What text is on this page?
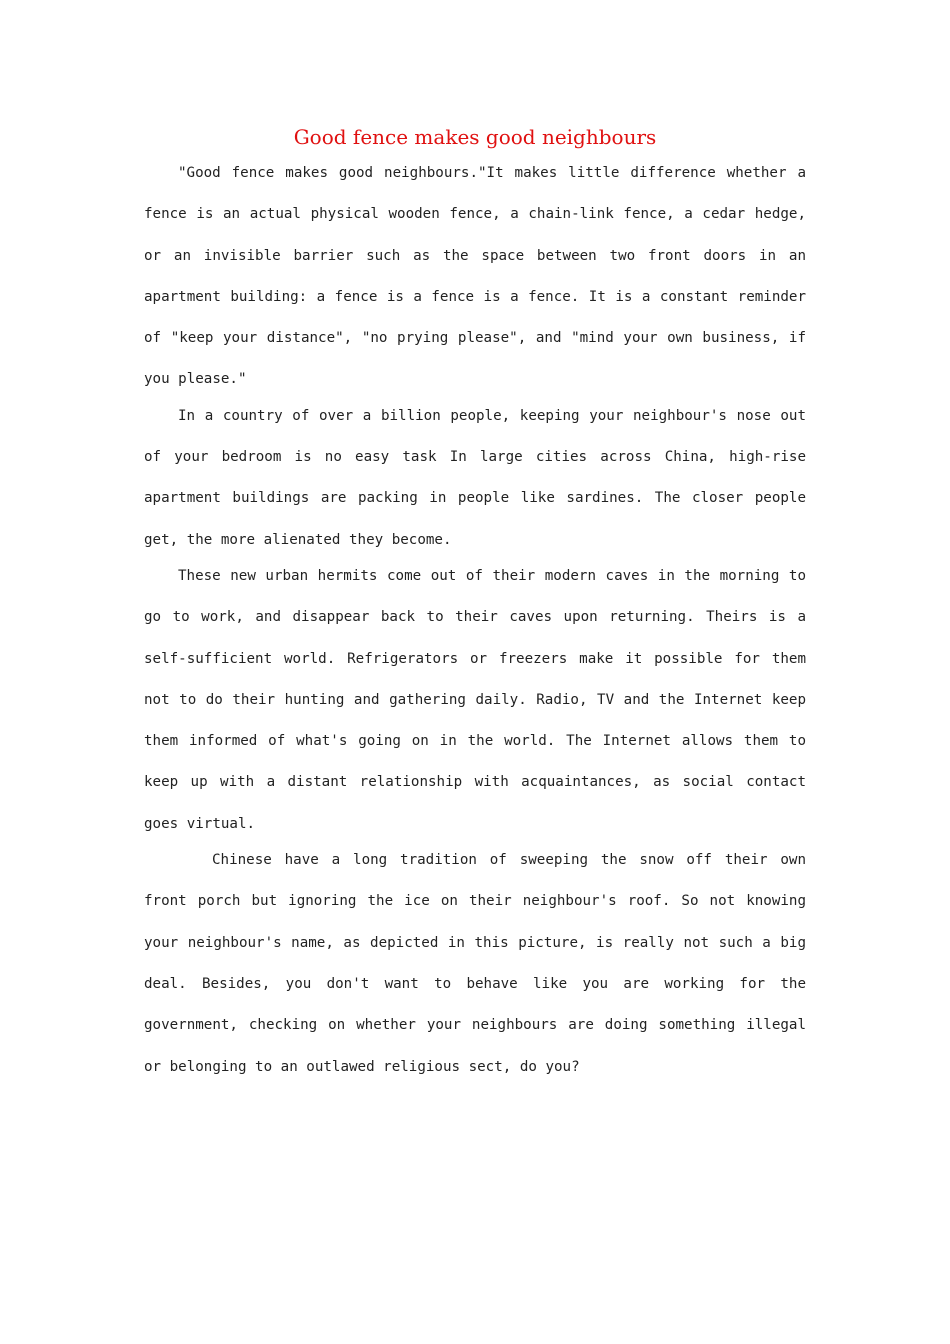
Good fence makes good neighbours

"Good fence makes good neighbours."It makes little difference whether a fence is an actual physical wooden fence, a chain-link fence, a cedar hedge, or an invisible barrier such as the space between two front doors in an apartment building: a fence is a fence is a fence. It is a constant reminder of "keep your distance", "no prying please", and "mind your own business, if you please."

In a country of over a billion people, keeping your neighbour's nose out of your bedroom is no easy task In large cities across China, high-rise apartment buildings are packing in people like sardines. The closer people get, the more alienated they become.

These new urban hermits come out of their modern caves in the morning to go to work, and disappear back to their caves upon returning. Theirs is a self-sufficient world. Refrigerators or freezers make it possible for them not to do their hunting and gathering daily. Radio, TV and the Internet keep them informed of what's going on in the world. The Internet allows them to keep up with a distant relationship with acquaintances, as social contact goes virtual.

Chinese have a long tradition of sweeping the snow off their own front porch but ignoring the ice on their neighbour's roof. So not knowing your neighbour's name, as depicted in this picture, is really not such a big deal. Besides, you don't want to behave like you are working for the government, checking on whether your neighbours are doing something illegal or belonging to an outlawed religious sect, do you?
